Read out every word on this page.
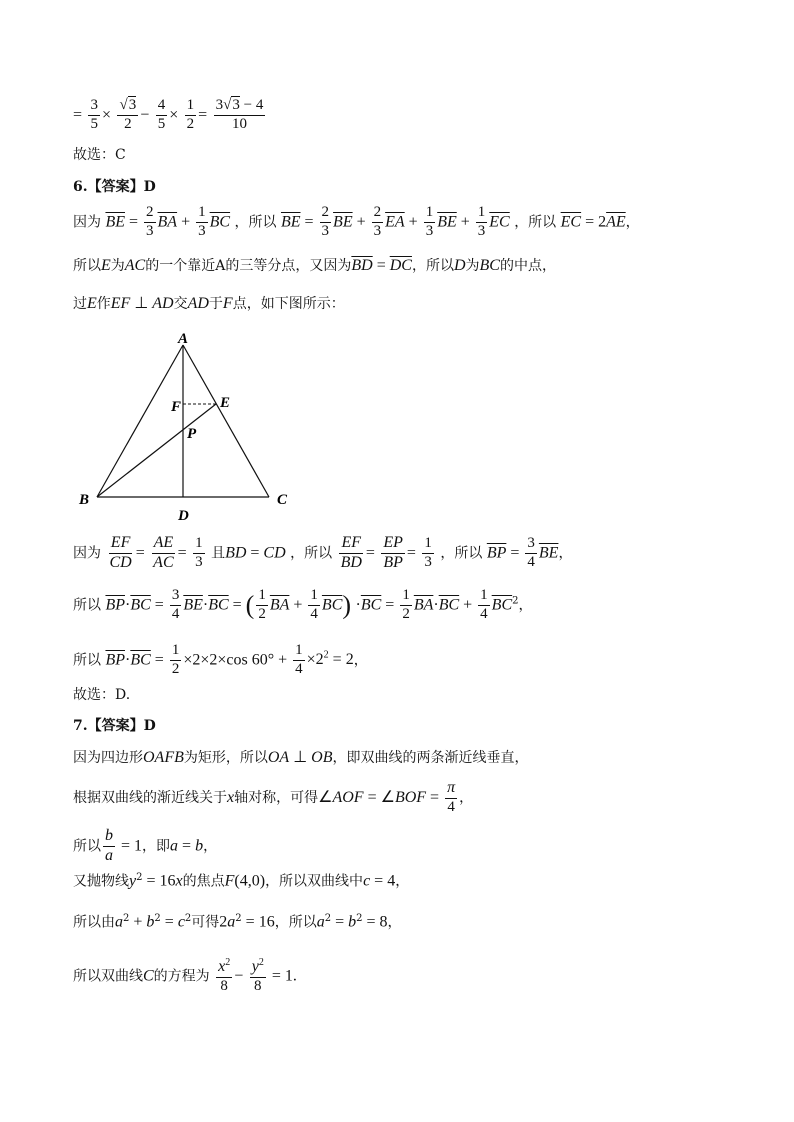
= $\frac{3}{5} \times \frac{√3}{2} - \frac{4}{5} \times \frac{1}{2} = \frac{3√3 - 4}{10}$
故选：C
6.【答案】D
因为 $\overline{BE} = \frac{2}{3} \overline{BA} + \frac{1}{3} \overline{BC}$ ，所以 $\overline{BE} = \frac{2}{3} \overline{BE} + \frac{2}{3} \overline{EA} + \frac{1}{3} \overline{BE} + \frac{1}{3} \overline{EC}$ ，所以 $\overline{EC} = 2\overline{AE}$，
所以E为AC的一个靠近A的三等分点，又因为$\overline{BD} = \overline{DC}$，所以D为BC的中点，
过E作EF ⊥ AD交AD于F点，如下图所示：
A
B	C
D
E
F
P
因为 $\frac{EF}{CD} = \frac{AE}{AC} = \frac{1}{3}$ 且BD = CD ，所以 $\frac{EF}{BD} = \frac{EP}{BP} = \frac{1}{3}$ ，所以 $\overline{BP} = \frac{3}{4} \overline{BE}$，
所以 $\overline{BP}\cdot\overline{BC} = \frac{3}{4} \overline{BE}\cdot\overline{BC}$ = ( $\frac{1}{2} \overline{BA} + \frac{1}{4} \overline{BC}) \cdot\overline{BC} = \frac{1}{2} \overline{BA}\cdot\overline{BC} + \frac{1}{4} \overline{BC}^2$，
所以 $\overline{BP}\cdot\overline{BC} = \frac{1}{2} \times 2\times 2\times\cos$ $60^\circ + \frac{1}{4} \times 2^2 = 2$，
故选：D.
7.【答案】D
因为四边形OAFB为矩形，所以OA ⊥ OB，即双曲线的两条渐近线垂直，
根据双曲线的渐近线关于x轴对称，可得∠AOF = ∠BOF = $\frac{\pi}{4}$ ，
所以 $\frac{b}{a} = 1$，即a = b，
又抛物线$y^2 = 16x$的焦点F(4,0)，所以双曲线中c = 4，
所以由$a^2 + b^2 = c^2$可得$2a^2 = 16$，所以$a^2 = b^2 = 8$，
所以双曲线C的方程为 $\frac{x^2}{8} - \frac{y^2}{8} = 1$.
